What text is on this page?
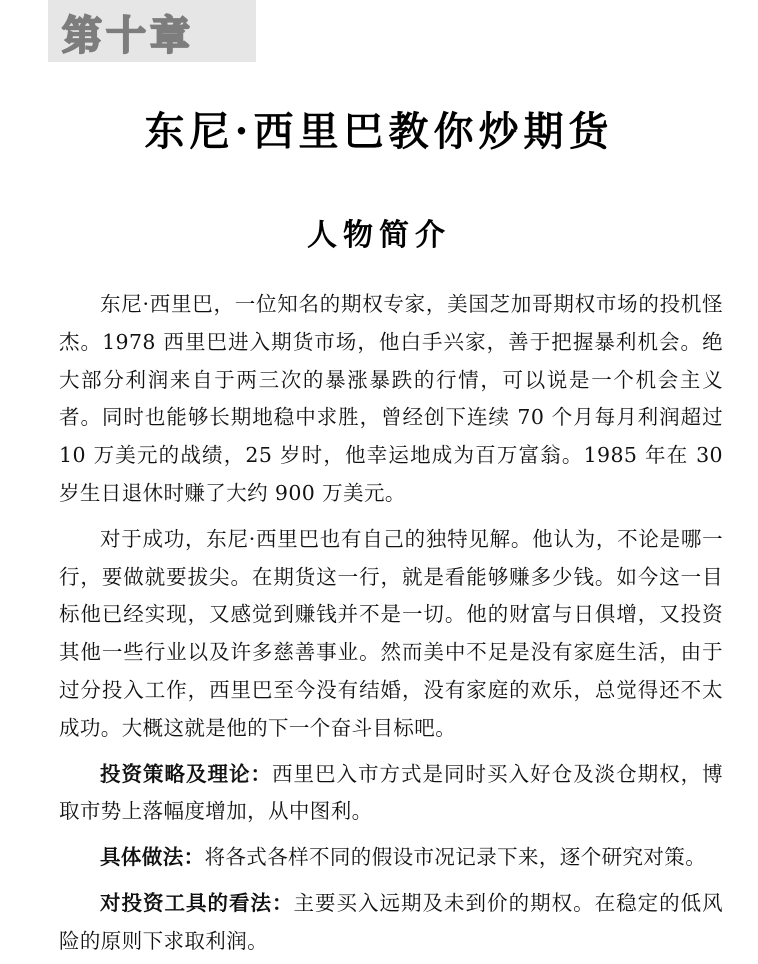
第十章
东尼·西里巴教你炒期货
人物简介

东尼·西里巴，一位知名的期权专家，美国芝加哥期权市场的投机怪杰。1978 西里巴进入期货市场，他白手兴家，善于把握暴利机会。绝大部分利润来自于两三次的暴涨暴跌的行情，可以说是一个机会主义者。同时也能够长期地稳中求胜，曾经创下连续 70 个月每月利润超过 10 万美元的战绩，25 岁时，他幸运地成为百万富翁。1985 年在 30 岁生日退休时赚了大约 900 万美元。

对于成功，东尼·西里巴也有自己的独特见解。他认为，不论是哪一行，要做就要拔尖。在期货这一行，就是看能够赚多少钱。如今这一目标他已经实现，又感觉到赚钱并不是一切。他的财富与日俱增，又投资其他一些行业以及许多慈善事业。然而美中不足是没有家庭生活，由于过分投入工作，西里巴至今没有结婚，没有家庭的欢乐，总觉得还不太成功。大概这就是他的下一个奋斗目标吧。

投资策略及理论：西里巴入市方式是同时买入好仓及淡仓期权，博取市势上落幅度增加，从中图利。

具体做法：将各式各样不同的假设市况记录下来，逐个研究对策。

对投资工具的看法：主要买入远期及未到价的期权。在稳定的低风险的原则下求取利润。
